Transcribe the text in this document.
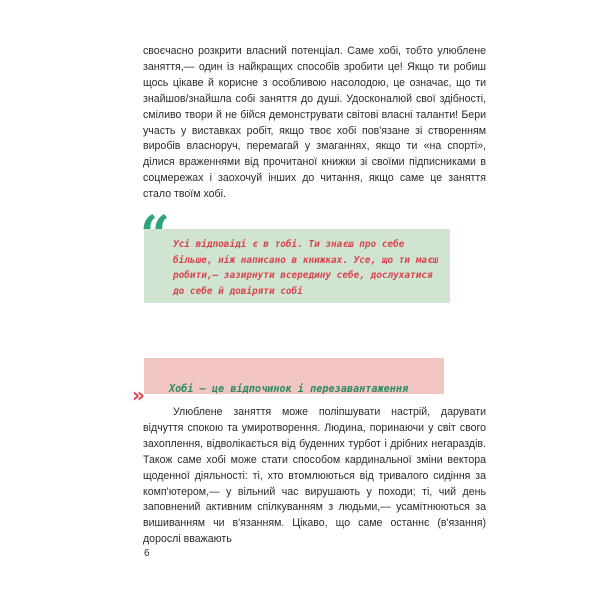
своєчасно розкрити власний потенціал. Саме хобі, тобто улюблене заняття,— один із найкращих способів зробити це! Якщо ти робиш щось цікаве й корисне з особливою насолодою, це означає, що ти знайшов/знайшла собі заняття до душі. Удосконалюй свої здібності, сміливо твори й не бійся демонструвати світові власні таланти! Бери участь у виставках робіт, якщо твоє хобі пов'язане зі створенням виробів власноруч, перемагай у змаганнях, якщо ти «на спорті», ділися враженнями від прочитаної книжки зі своїми підписниками в соцмережах і заохочуй інших до читання, якщо саме це заняття стало твоїм хобі.

“ Усі відповіді є в тобі. Ти знаєш про себе більше, ніж написано в книжках. Усе, що ти маєш робити,— зазирнути всередину себе, дослухатися до себе й довіряти собі

»	Хобі — це відпочинок і перезавантаження

Улюблене заняття може поліпшувати настрій, дарувати відчуття спокою та умиротворення. Людина, поринаючи у світ свого захоплення, відволікається від буденних турбот і дрібних негараздів. Також саме хобі може стати способом кардинальної зміни вектора щоденної діяльності: ті, хто втомлюються від тривалого сидіння за комп'ютером,— у вільний час вирушають у походи; ті, чий день заповнений активним спілкуванням з людьми,— усамітнюються за вишиванням чи в'язанням. Цікаво, що саме останнє (в'язання) дорослі вважають

6
